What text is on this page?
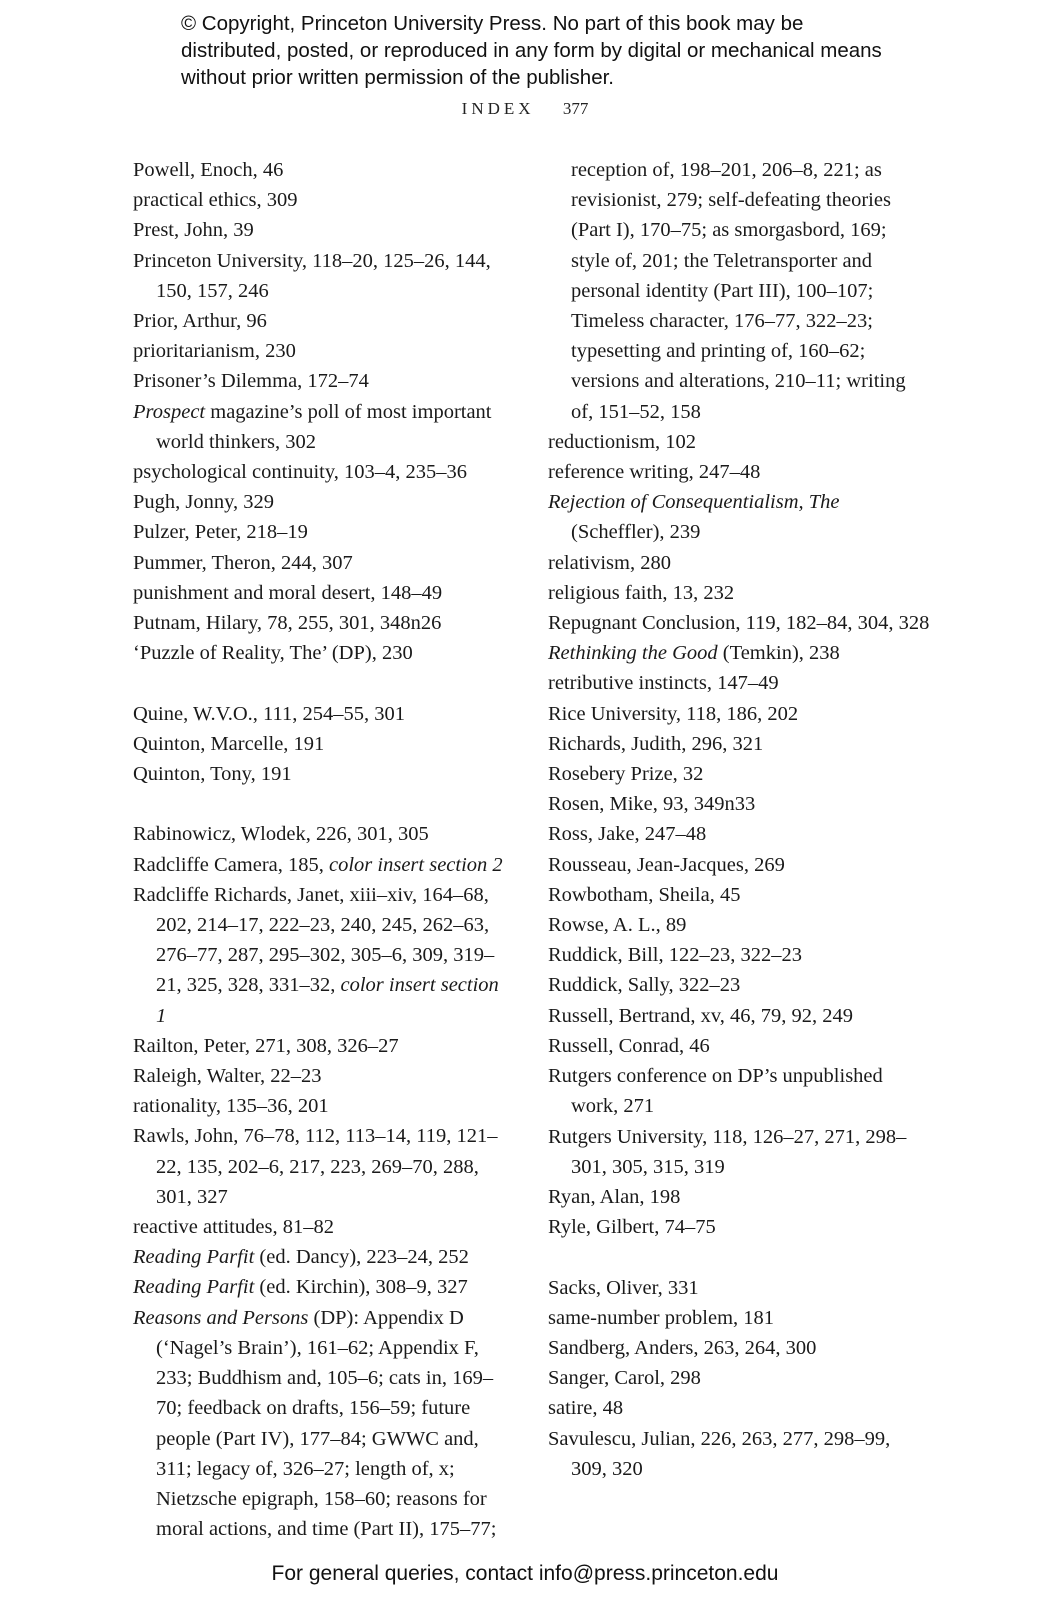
© Copyright, Princeton University Press. No part of this book may be distributed, posted, or reproduced in any form by digital or mechanical means without prior written permission of the publisher.
INDEX 377
Powell, Enoch, 46
practical ethics, 309
Prest, John, 39
Princeton University, 118–20, 125–26, 144, 150, 157, 246
Prior, Arthur, 96
prioritarianism, 230
Prisoner’s Dilemma, 172–74
Prospect magazine’s poll of most important world thinkers, 302
psychological continuity, 103–4, 235–36
Pugh, Jonny, 329
Pulzer, Peter, 218–19
Pummer, Theron, 244, 307
punishment and moral desert, 148–49
Putnam, Hilary, 78, 255, 301, 348n26
‘Puzzle of Reality, The’ (DP), 230
Quine, W.V.O., 111, 254–55, 301
Quinton, Marcelle, 191
Quinton, Tony, 191
Rabinowicz, Wlodek, 226, 301, 305
Radcliffe Camera, 185, color insert section 2
Radcliffe Richards, Janet, xiii–xiv, 164–68, 202, 214–17, 222–23, 240, 245, 262–63, 276–77, 287, 295–302, 305–6, 309, 319–21, 325, 328, 331–32, color insert section 1
Railton, Peter, 271, 308, 326–27
Raleigh, Walter, 22–23
rationality, 135–36, 201
Rawls, John, 76–78, 112, 113–14, 119, 121–22, 135, 202–6, 217, 223, 269–70, 288, 301, 327
reactive attitudes, 81–82
Reading Parfit (ed. Dancy), 223–24, 252
Reading Parfit (ed. Kirchin), 308–9, 327
Reasons and Persons (DP): Appendix D (‘Nagel’s Brain’), 161–62; Appendix F, 233; Buddhism and, 105–6; cats in, 169–70; feedback on drafts, 156–59; future people (Part IV), 177–84; GWWC and, 311; legacy of, 326–27; length of, x; Nietzsche epigraph, 158–60; reasons for moral actions, and time (Part II), 175–77;
reception of, 198–201, 206–8, 221; as revisionist, 279; self-defeating theories (Part I), 170–75; as smorgasbord, 169; style of, 201; the Teletransporter and personal identity (Part III), 100–107; Timeless character, 176–77, 322–23; typesetting and printing of, 160–62; versions and alterations, 210–11; writing of, 151–52, 158
reductionism, 102
reference writing, 247–48
Rejection of Consequentialism, The (Scheffler), 239
relativism, 280
religious faith, 13, 232
Repugnant Conclusion, 119, 182–84, 304, 328
Rethinking the Good (Temkin), 238
retributive instincts, 147–49
Rice University, 118, 186, 202
Richards, Judith, 296, 321
Rosebery Prize, 32
Rosen, Mike, 93, 349n33
Ross, Jake, 247–48
Rousseau, Jean-Jacques, 269
Rowbotham, Sheila, 45
Rowse, A. L., 89
Ruddick, Bill, 122–23, 322–23
Ruddick, Sally, 322–23
Russell, Bertrand, xv, 46, 79, 92, 249
Russell, Conrad, 46
Rutgers conference on DP’s unpublished work, 271
Rutgers University, 118, 126–27, 271, 298–301, 305, 315, 319
Ryan, Alan, 198
Ryle, Gilbert, 74–75
Sacks, Oliver, 331
same-number problem, 181
Sandberg, Anders, 263, 264, 300
Sanger, Carol, 298
satire, 48
Savulescu, Julian, 226, 263, 277, 298–99, 309, 320
For general queries, contact info@press.princeton.edu
